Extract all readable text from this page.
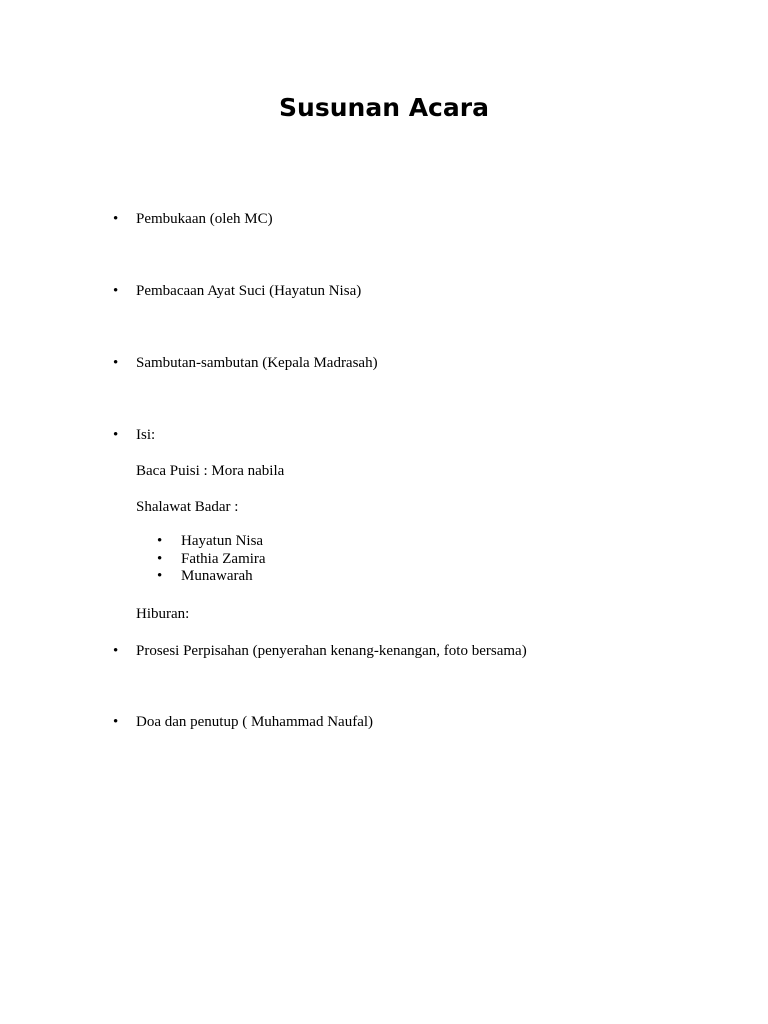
Susunan Acara
• Pembukaan (oleh MC)
• Pembacaan Ayat Suci (Hayatun Nisa)
• Sambutan-sambutan (Kepala Madrasah)
• Isi:
Baca Puisi : Mora nabila
Shalawat Badar :
• Hayatun Nisa
• Fathia Zamira
• Munawarah
Hiburan:
• Prosesi Perpisahan (penyerahan kenang-kenangan, foto bersama)
• Doa dan penutup ( Muhammad Naufal)
